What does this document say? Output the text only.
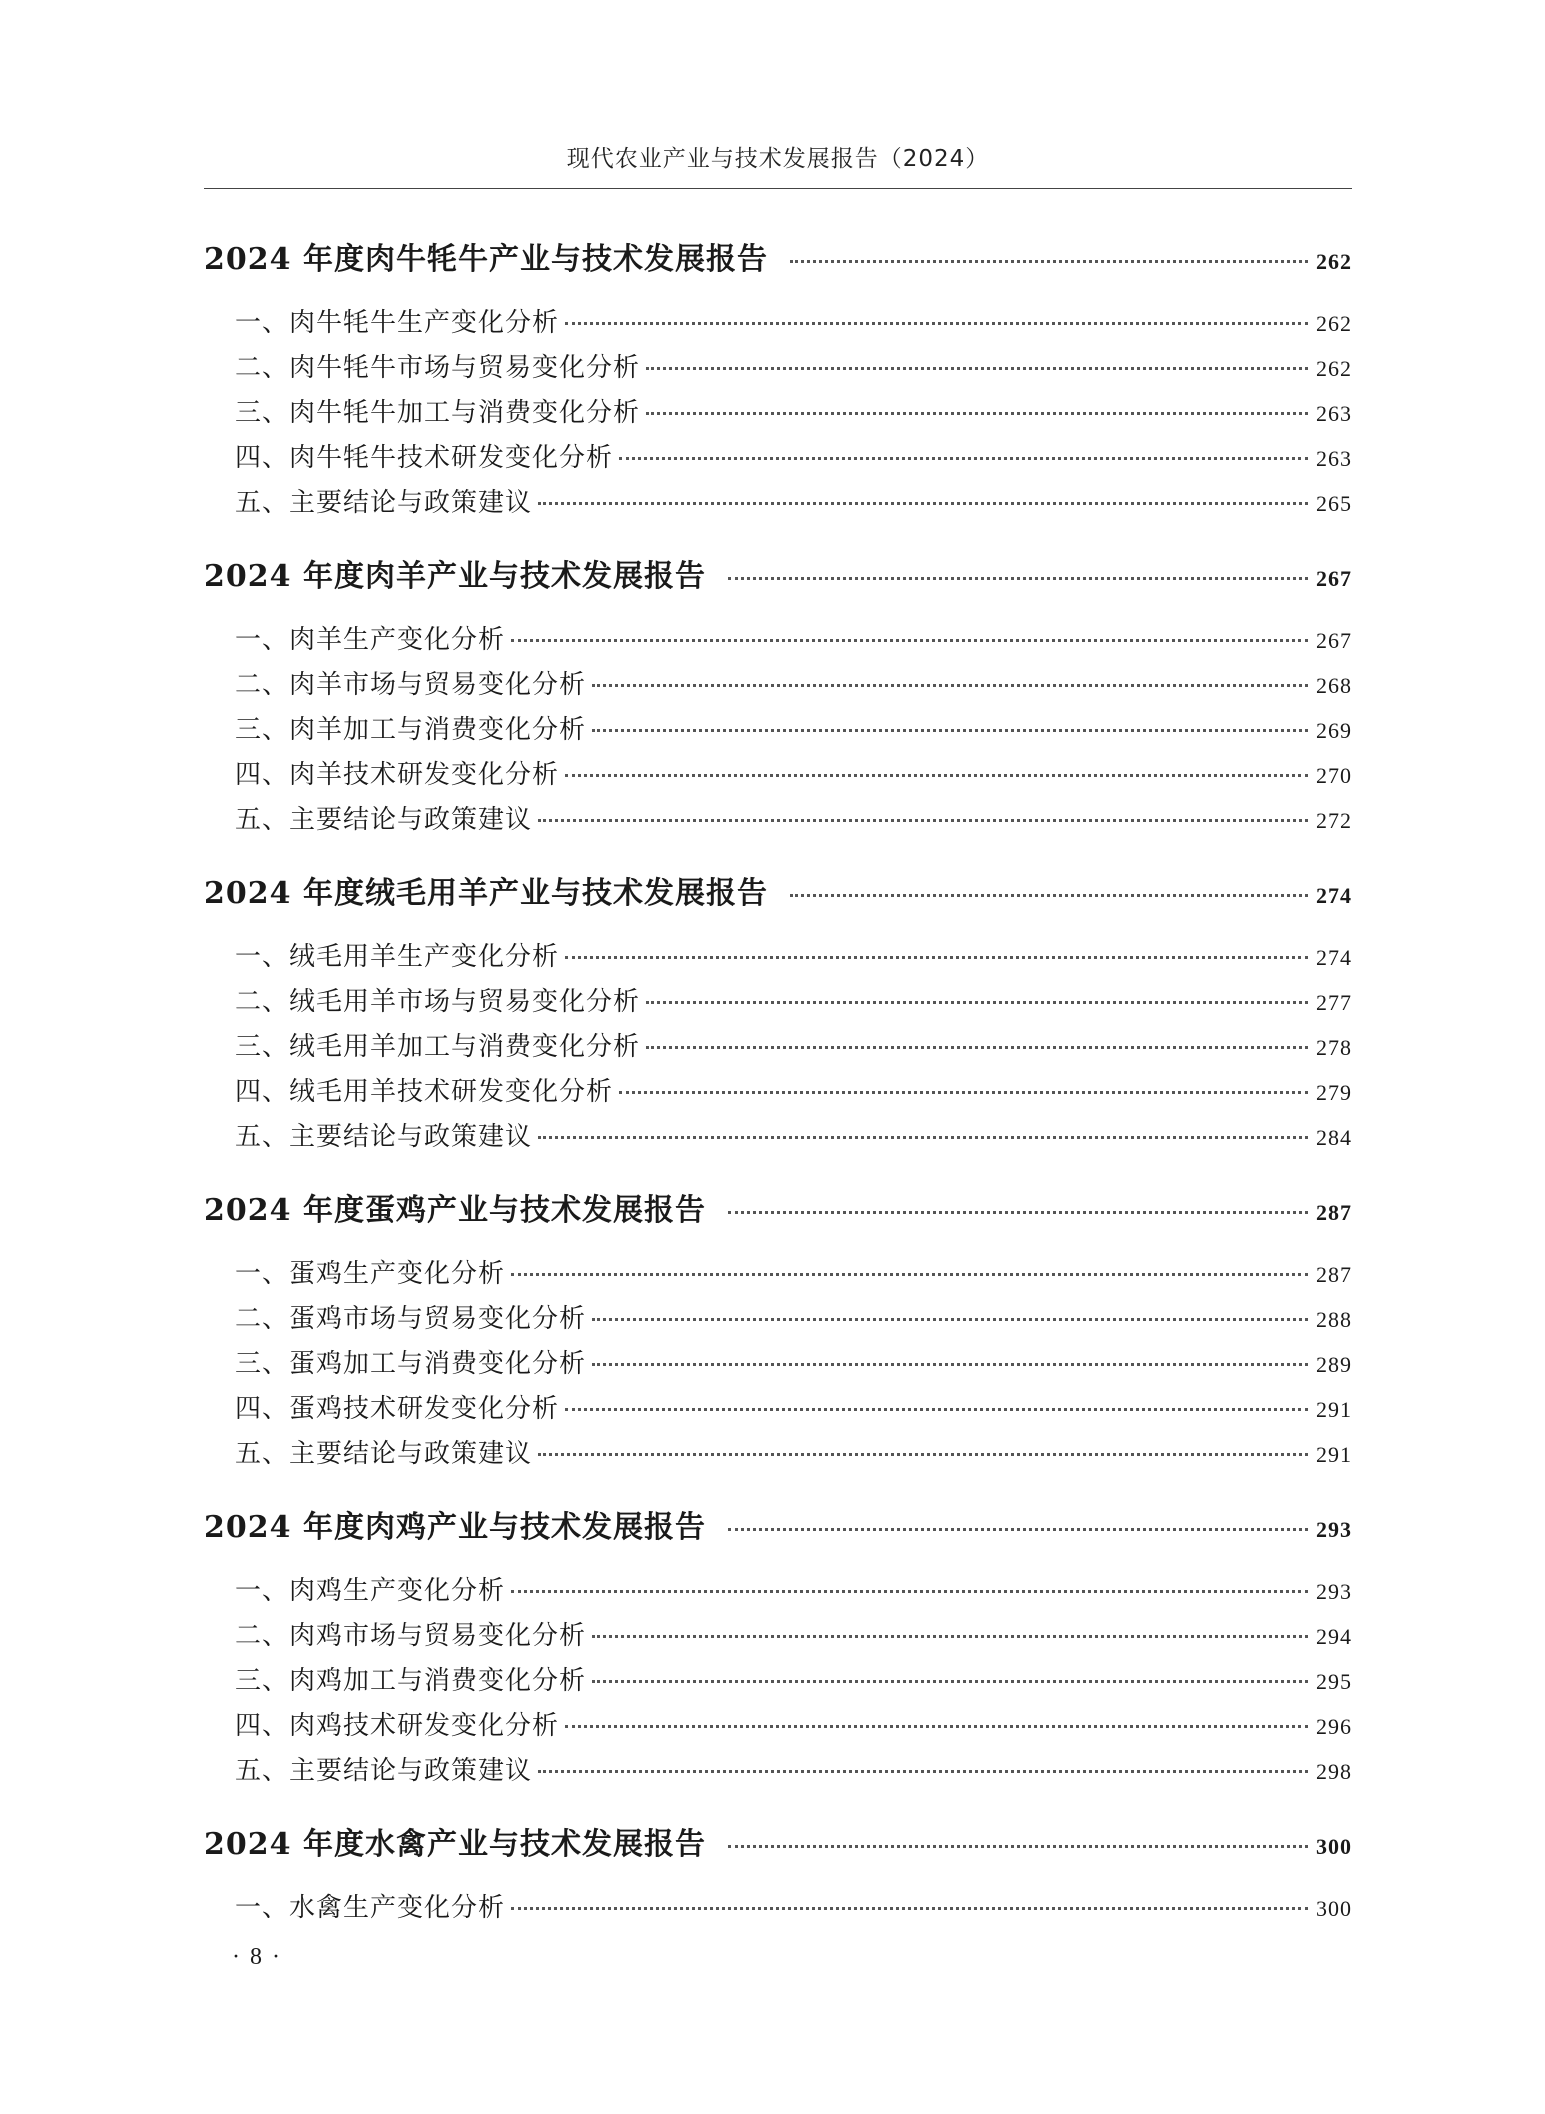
现代农业产业与技术发展报告（2024）
2024 年度肉牛牦牛产业与技术发展报告	262
一、肉牛牦牛生产变化分析	262
二、肉牛牦牛市场与贸易变化分析	262
三、肉牛牦牛加工与消费变化分析	263
四、肉牛牦牛技术研发变化分析	263
五、主要结论与政策建议	265
2024 年度肉羊产业与技术发展报告	267
一、肉羊生产变化分析	267
二、肉羊市场与贸易变化分析	268
三、肉羊加工与消费变化分析	269
四、肉羊技术研发变化分析	270
五、主要结论与政策建议	272
2024 年度绒毛用羊产业与技术发展报告	274
一、绒毛用羊生产变化分析	274
二、绒毛用羊市场与贸易变化分析	277
三、绒毛用羊加工与消费变化分析	278
四、绒毛用羊技术研发变化分析	279
五、主要结论与政策建议	284
2024 年度蛋鸡产业与技术发展报告	287
一、蛋鸡生产变化分析	287
二、蛋鸡市场与贸易变化分析	288
三、蛋鸡加工与消费变化分析	289
四、蛋鸡技术研发变化分析	291
五、主要结论与政策建议	291
2024 年度肉鸡产业与技术发展报告	293
一、肉鸡生产变化分析	293
二、肉鸡市场与贸易变化分析	294
三、肉鸡加工与消费变化分析	295
四、肉鸡技术研发变化分析	296
五、主要结论与政策建议	298
2024 年度水禽产业与技术发展报告	300
一、水禽生产变化分析	300
· 8 ·
